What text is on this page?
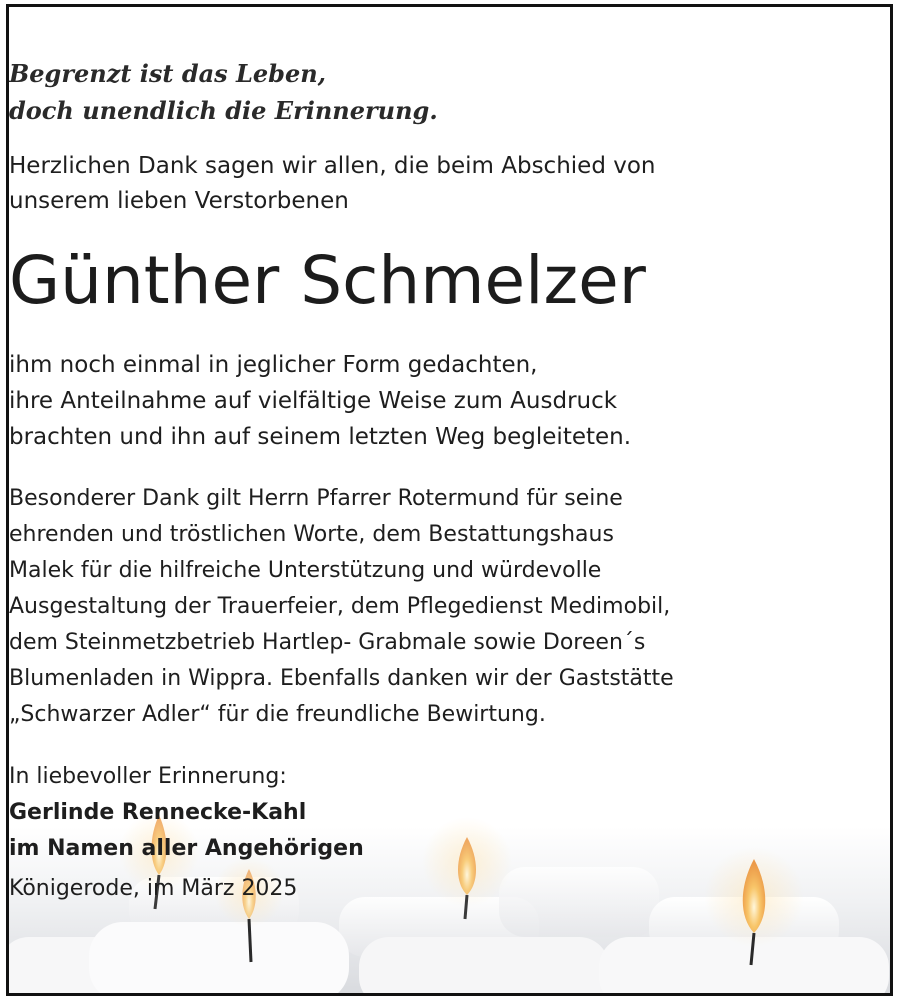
Begrenzt ist das Leben,
doch unendlich die Erinnerung.
Herzlichen Dank sagen wir allen, die beim Abschied von
unserem lieben Verstorbenen
Günther Schmelzer
ihm noch einmal in jeglicher Form gedachten,
ihre Anteilnahme auf vielfältige Weise zum Ausdruck
brachten und ihn auf seinem letzten Weg begleiteten.
Besonderer Dank gilt Herrn Pfarrer Rotermund für seine
ehrenden und tröstlichen Worte, dem Bestattungshaus
Malek für die hilfreiche Unterstützung und würdevolle
Ausgestaltung der Trauerfeier, dem Pflegedienst Medimobil,
dem Steinmetzbetrieb Hartlep- Grabmale sowie Doreen´s
Blumenladen in Wippra. Ebenfalls danken wir der Gaststätte
„Schwarzer Adler“ für die freundliche Bewirtung.
In liebevoller Erinnerung:
Gerlinde Rennecke-Kahl
im Namen aller Angehörigen
Königerode, im März 2025
